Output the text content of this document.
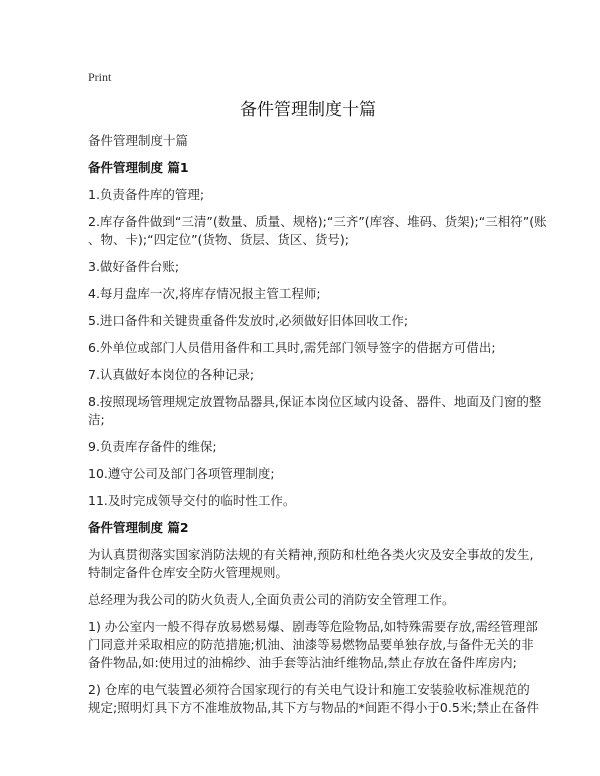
Print
备件管理制度十篇

备件管理制度十篇

备件管理制度 篇1

1.负责备件库的管理;

2.库存备件做到“三清”(数量、质量、规格);“三齐”(库容、堆码、货架);“三相符”(账
、物、卡);“四定位”(货物、货层、货区、货号);

3.做好备件台账;

4.每月盘库一次,将库存情况报主管工程师;

5.进口备件和关键贵重备件发放时,必须做好旧体回收工作;

6.外单位或部门人员借用备件和工具时,需凭部门领导签字的借据方可借出;

7.认真做好本岗位的各种记录;

8.按照现场管理规定放置物品器具,保证本岗位区域内设备、器件、地面及门窗的整
洁;

9.负责库存备件的维保;

10.遵守公司及部门各项管理制度;

11.及时完成领导交付的临时性工作。

备件管理制度 篇2

为认真贯彻落实国家消防法规的有关精神,预防和杜绝各类火灾及安全事故的发生,
特制定备件仓库安全防火管理规则。

总经理为我公司的防火负责人,全面负责公司的消防安全管理工作。

1) 办公室内一般不得存放易燃易爆、剧毒等危险物品,如特殊需要存放,需经管理部
门同意并采取相应的防范措施;机油、油漆等易燃物品要单独存放,与备件无关的非
备件物品,如:使用过的油棉纱、油手套等沾油纤维物品,禁止存放在备件库房内;

2) 仓库的电气装置必须符合国家现行的有关电气设计和施工安装验收标准规范的
规定;照明灯具下方不准堆放物品,其下方与物品的*间距不得小于0.5米;禁止在备件
